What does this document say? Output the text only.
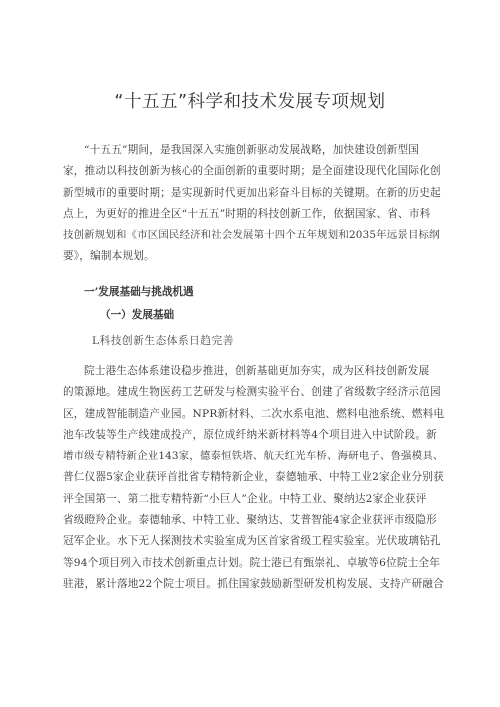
“十五五”科学和技术发展专项规划
“十五五”期间，是我国深入实施创新驱动发展战略，加快建设创新型国
家，推动以科技创新为核心的全面创新的重要时期；是全面建设现代化国际化创
新型城市的重要时期；是实现新时代更加出彩奋斗目标的关键期。在新的历史起
点上，为更好的推进全区“十五五”时期的科技创新工作，依据国家、省、市科
技创新规划和《市区国民经济和社会发展第十四个五年规划和2035年远景目标纲
要》，编制本规划。
一’发展基础与挑战机遇
（一）发展基础
L科技创新生态体系日趋完善
院士港生态体系建设稳步推进，创新基础更加夯实，成为区科技创新发展
的策源地。建成生物医药工艺研发与检测实验平台、创建了省级数字经济示范园
区，建成智能制造产业园。NPR新材料、二次水系电池、燃料电池系统、燃料电
池车改装等生产线建成投产，原位成纤纳米新材料等4个项目进入中试阶段。新
增市级专精特新企业143家，德泰恒铁塔、航天红光车桥、海研电子、鲁强模具、
普仁仪器5家企业获评首批省专精特新企业，泰德轴承、中特工业2家企业分别获
评全国第一、第二批专精特新“小巨人”企业。中特工业、聚纳达2家企业获评
省级瞪羚企业。泰德轴承、中特工业、聚纳达、艾普智能4家企业获评市级隐形
冠军企业。水下无人探测技术实验室成为区首家省级工程实验室。光伏玻璃钻孔
等94个项目列入市技术创新重点计划。院士港已有甄崇礼、卓敏等6位院士全年
驻港，累计落地22个院士项目。抓住国家鼓励新型研发机构发展、支持产研融合
